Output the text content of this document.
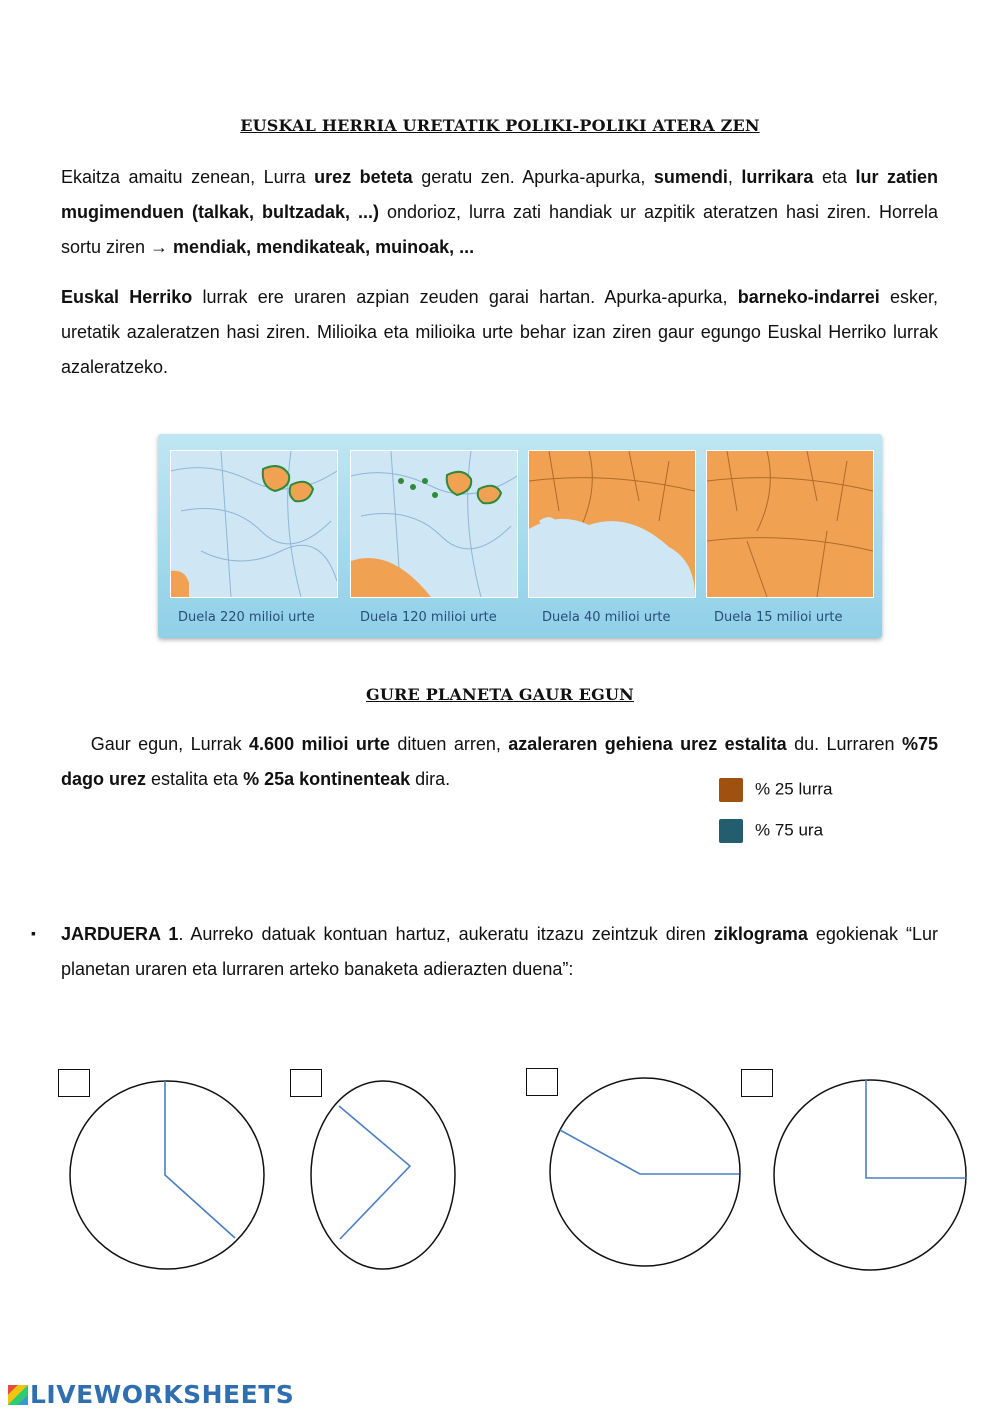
EUSKAL HERRIA URETATIK POLIKI-POLIKI ATERA ZEN
Ekaitza amaitu zenean, Lurra urez beteta geratu zen. Apurka-apurka, sumendi, lurrikara eta lur zatien mugimenduen (talkak, bultzadak, ...) ondorioz, lurra zati handiak ur azpitik ateratzen hasi ziren. Horrela sortu ziren → mendiak, mendikateak, muinoak, ...
Euskal Herriko lurrak ere uraren azpian zeuden garai hartan. Apurka-apurka, barneko-indarrei esker, uretatik azaleratzen hasi ziren. Milioika eta milioika urte behar izan ziren gaur egungo Euskal Herriko lurrak azaleratzeko.
Duela 220 milioi urte	Duela 120 milioi urte	Duela 40 milioi urte	Duela 15 milioi urte
GURE PLANETA GAUR EGUN
Gaur egun, Lurrak 4.600 milioi urte dituen arren, azaleraren gehiena urez estalita du. Lurraren %75 dago urez estalita eta % 25a kontinenteak dira.	% 25 lurra
% 75 ura
▪ JARDUERA 1. Aurreko datuak kontuan hartuz, aukeratu itzazu zeintzuk diren ziklograma egokienak “Lur planetan uraren eta lurraren arteko banaketa adierazten duena”:
LIVEWORKSHEETS
